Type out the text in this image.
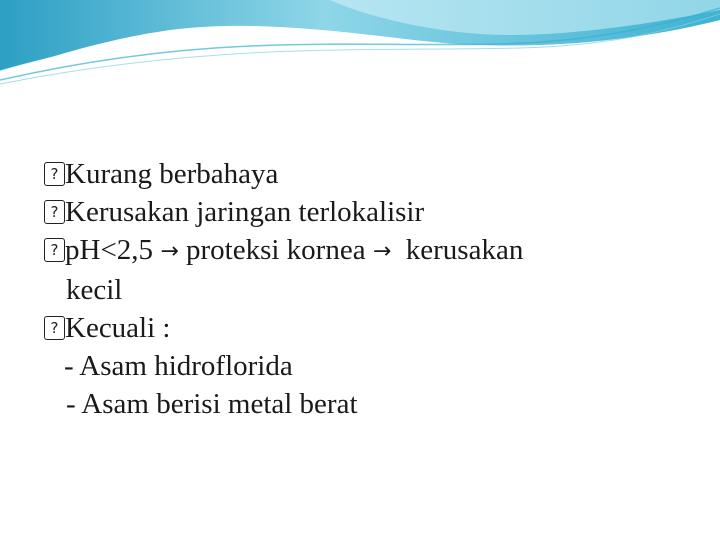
?Kurang berbahaya

?Kerusakan jaringan terlokalisir

?pH<2,5 → proteksi kornea →  kerusakan

kecil

?Kecuali :

- Asam hidroflorida

- Asam berisi metal berat
